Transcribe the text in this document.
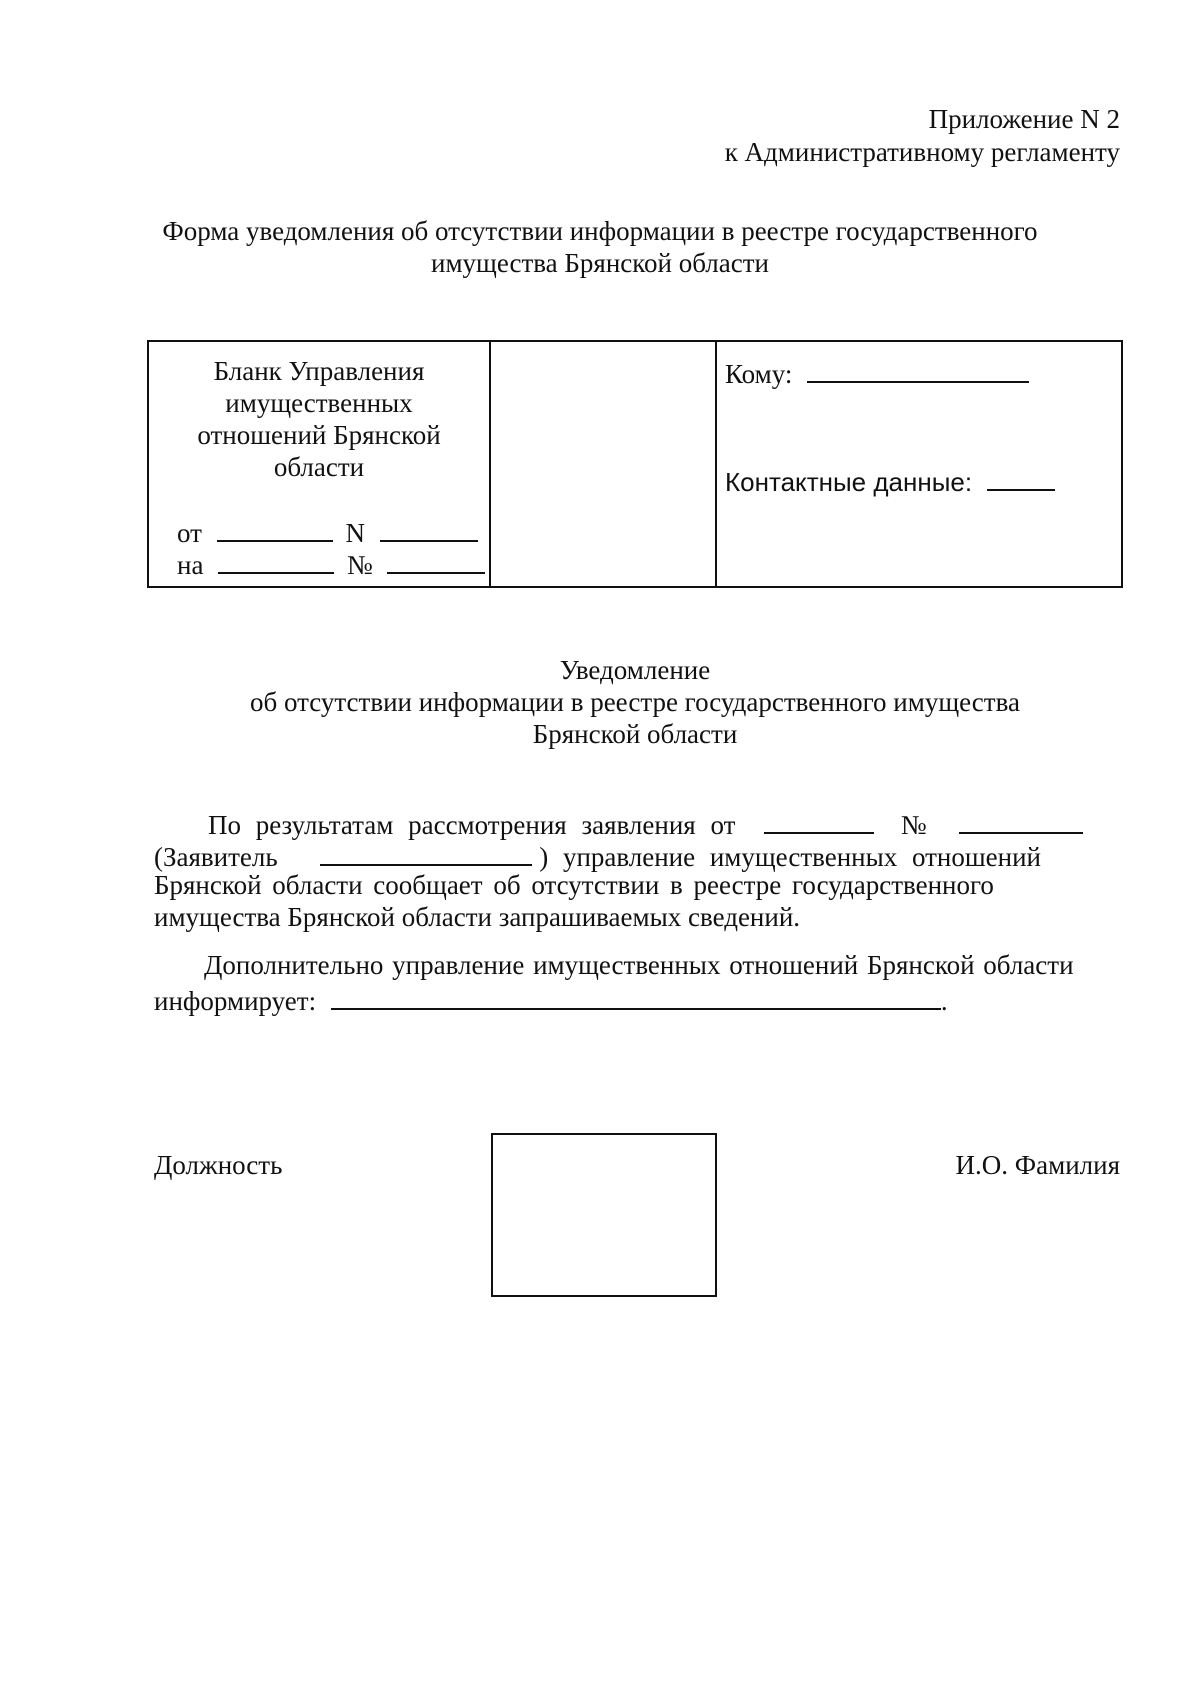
Приложение N 2
к Административному регламенту
Форма уведомления об отсутствии информации в реестре государственного
имущества Брянской области
Бланк Управления
имущественных
отношений Брянской
области
от	N
на	№
Кому:
Контактные данные:
Уведомление
об отсутствии информации в реестре государственного имущества
Брянской области
По результатам рассмотрения заявления от	№
(Заявитель	) управление имущественных отношений
Брянской области сообщает об отсутствии в реестре государственного
имущества Брянской области запрашиваемых сведений.
Дополнительно управление имущественных отношений Брянской области
информирует:	.
Должность	И.О. Фамилия
